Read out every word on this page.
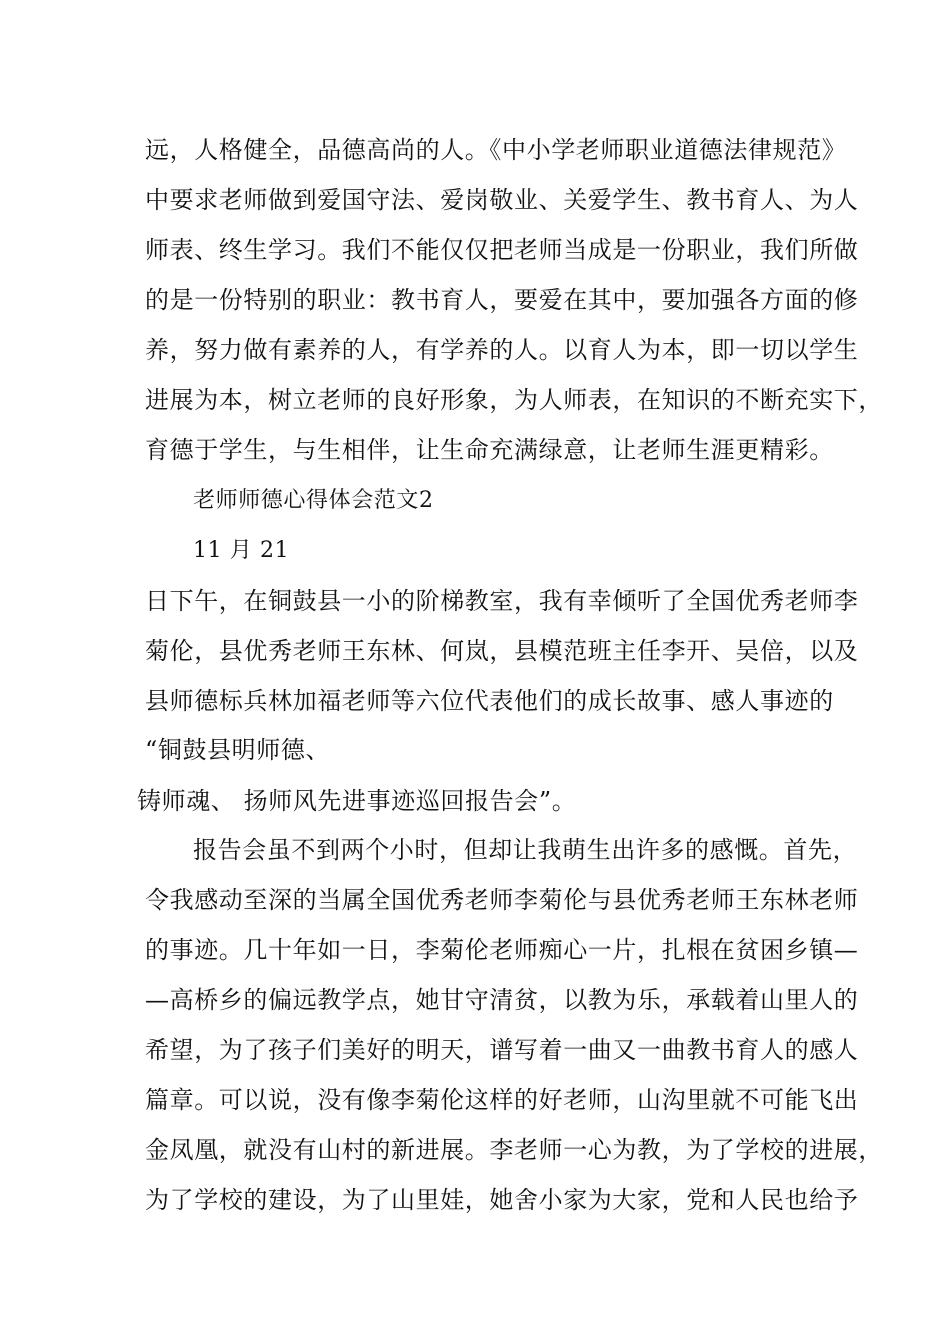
远，人格健全，品德高尚的人。《中小学老师职业道德法律规范》
中要求老师做到爱国守法、爱岗敬业、关爱学生、教书育人、为人
师表、终生学习。我们不能仅仅把老师当成是一份职业，我们所做
的是一份特别的职业：教书育人，要爱在其中，要加强各方面的修
养，努力做有素养的人，有学养的人。以育人为本，即一切以学生
进展为本，树立老师的良好形象，为人师表，在知识的不断充实下，
育德于学生，与生相伴，让生命充满绿意，让老师生涯更精彩。
老师师德心得体会范文2
11 月 21
日下午，在铜鼓县一小的阶梯教室，我有幸倾听了全国优秀老师李
菊伦，县优秀老师王东林、何岚，县模范班主任李开、吴倍，以及
县师德标兵林加福老师等六位代表他们的成长故事、感人事迹的
“铜鼓县明师德、
铸师魂、 扬师风先进事迹巡回报告会”。
报告会虽不到两个小时，但却让我萌生出许多的感慨。首先，
令我感动至深的当属全国优秀老师李菊伦与县优秀老师王东林老师
的事迹。几十年如一日，李菊伦老师痴心一片，扎根在贫困乡镇—
—高桥乡的偏远教学点，她甘守清贫，以教为乐，承载着山里人的
希望，为了孩子们美好的明天，谱写着一曲又一曲教书育人的感人
篇章。可以说，没有像李菊伦这样的好老师，山沟里就不可能飞出
金凤凰，就没有山村的新进展。李老师一心为教，为了学校的进展，
为了学校的建设，为了山里娃，她舍小家为大家，党和人民也给予
